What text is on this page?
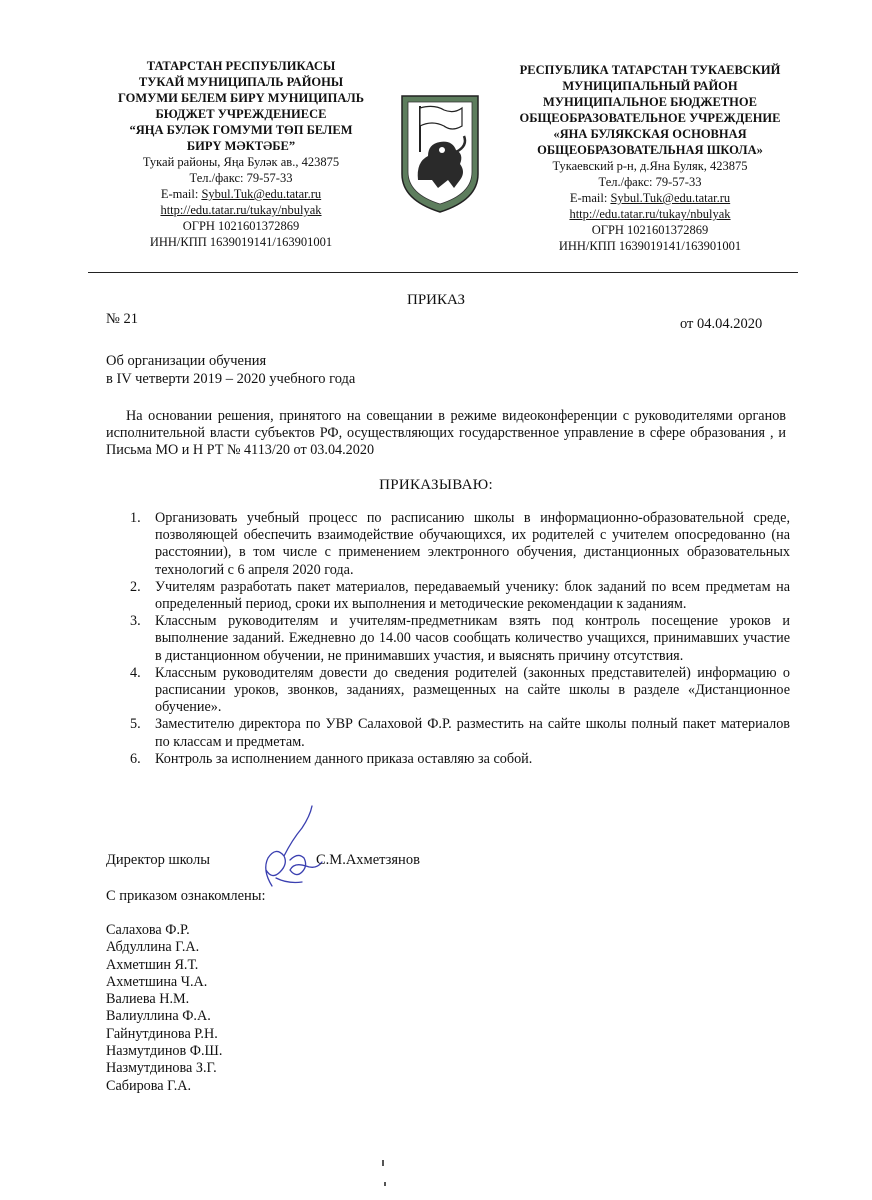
ТАТАРСТАН РЕСПУБЛИКАСЫ
ТУКАЙ МУНИЦИПАЛЬ РАЙОНЫ
ГОМУМИ БЕЛЕМ БИРҮ МУНИЦИПАЛЬ
БЮДЖЕТ УЧРЕЖДЕНИЕСЕ
“ЯҢА БУЛӘК ГОМУМИ ТӨП БЕЛЕМ
БИРҮ МӘКТӘБЕ”
Тукай районы, Яңа Буләк ав., 423875
Тел./факс: 79-57-33
E-mail: Sybul.Tuk@edu.tatar.ru
http://edu.tatar.ru/tukay/nbulyak
ОГРН 1021601372869
ИНН/КПП 1639019141/163901001
РЕСПУБЛИКА ТАТАРСТАН ТУКАЕВСКИЙ
МУНИЦИПАЛЬНЫЙ РАЙОН
МУНИЦИПАЛЬНОЕ БЮДЖЕТНОЕ
ОБЩЕОБРАЗОВАТЕЛЬНОЕ УЧРЕЖДЕНИЕ
«ЯНА БУЛЯКСКАЯ ОСНОВНАЯ
ОБЩЕОБРАЗОВАТЕЛЬНАЯ ШКОЛА»
Тукаевский р-н, д.Яна Буляк, 423875
Тел./факс: 79-57-33
E-mail: Sybul.Tuk@edu.tatar.ru
http://edu.tatar.ru/tukay/nbulyak
ОГРН 1021601372869
ИНН/КПП 1639019141/163901001
ПРИКАЗ
№ 21	от 04.04.2020
Об организации обучения
в IV четверти 2019 – 2020 учебного года
На основании решения, принятого на совещании в режиме видеоконференции с руководителями органов исполнительной власти субъектов РФ, осуществляющих государственное управление в сфере образования , и Письма МО и Н РТ № 4113/20 от 03.04.2020
ПРИКАЗЫВАЮ:
1. Организовать учебный процесс по расписанию школы в информационно-образовательной среде, позволяющей обеспечить взаимодействие обучающихся, их родителей с учителем опосредованно (на расстоянии), в том числе с применением электронного обучения, дистанционных образовательных технологий с 6 апреля 2020 года.
2. Учителям разработать пакет материалов, передаваемый ученику: блок заданий по всем предметам на определенный период, сроки их выполнения и методические рекомендации к заданиям.
3. Классным руководителям и учителям-предметникам взять под контроль посещение уроков и выполнение заданий. Ежедневно до 14.00 часов сообщать количество учащихся, принимавших участие в дистанционном обучении, не принимавших участия, и выяснять причину отсутствия.
4. Классным руководителям довести до сведения родителей (законных представителей) информацию о расписании уроков, звонков, заданиях, размещенных на сайте школы в разделе «Дистанционное обучение».
5. Заместителю директора по УВР Салаховой Ф.Р. разместить на сайте школы полный пакет материалов по классам и предметам.
6. Контроль за исполнением данного приказа оставляю за собой.
Директор школы	С.М.Ахметзянов
С приказом ознакомлены:
Салахова Ф.Р.
Абдуллина Г.А.
Ахметшин Я.Т.
Ахметшина Ч.А.
Валиева Н.М.
Валиуллина Ф.А.
Гайнутдинова Р.Н.
Назмутдинов Ф.Ш.
Назмутдинова З.Г.
Сабирова Г.А.
